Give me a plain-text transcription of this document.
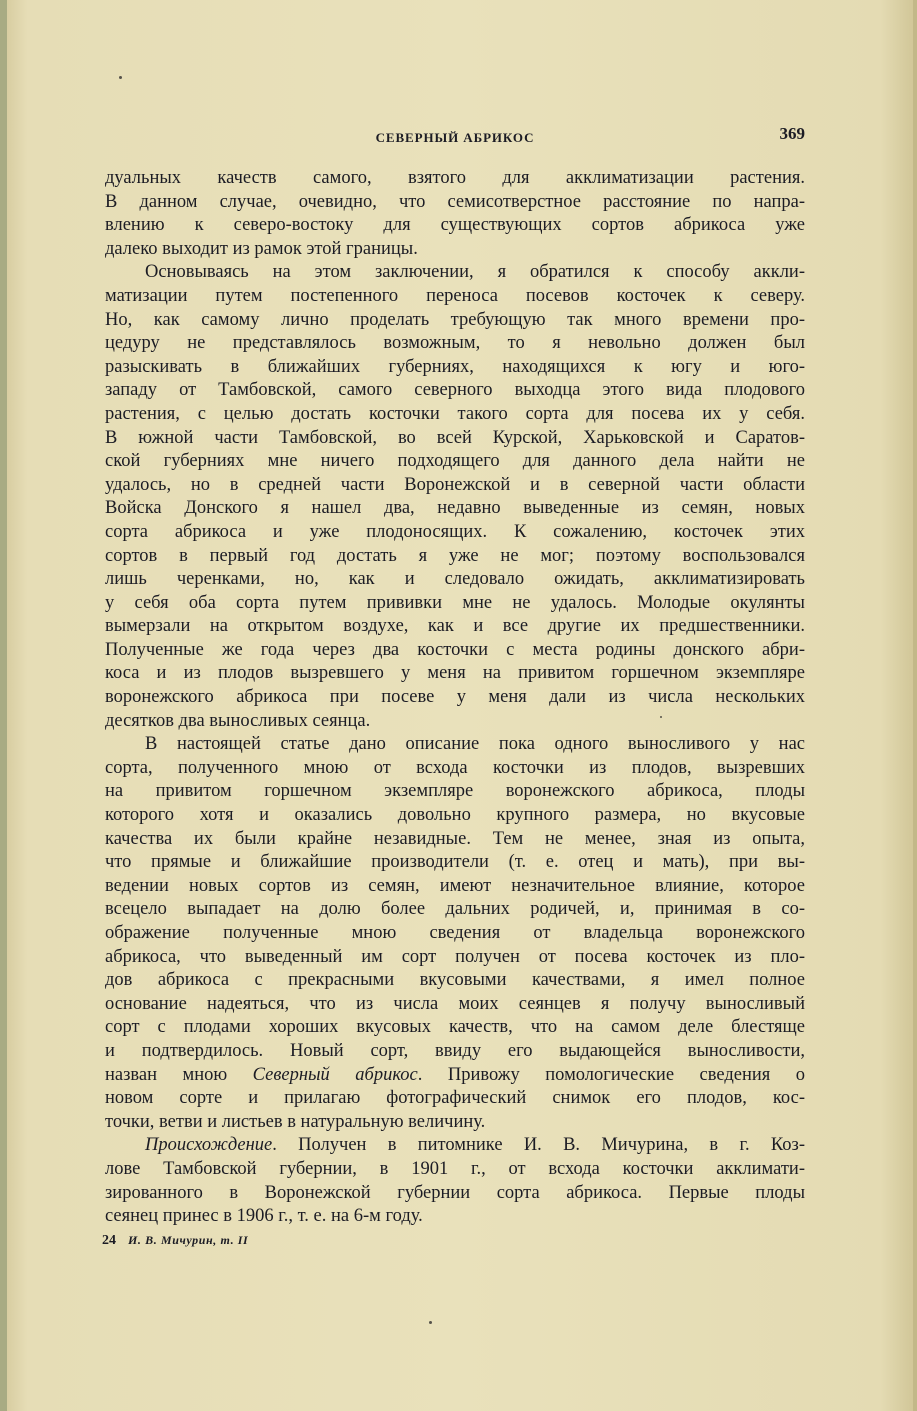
СЕВЕРНЫЙ АБРИКОС	369
дуальных качеств самого, взятого для акклиматизации растения.
В данном случае, очевидно, что семисотверстное расстояние по напра-
влению к северо-востоку для существующих сортов абрикоса уже
далеко выходит из рамок этой границы.
Основываясь на этом заключении, я обратился к способу аккли-
матизации путем постепенного переноса посевов косточек к северу.
Но, как самому лично проделать требующую так много времени про-
цедуру не представлялось возможным, то я невольно должен был
разыскивать в ближайших губерниях, находящихся к югу и юго-
западу от Тамбовской, самого северного выходца этого вида плодового
растения, с целью достать косточки такого сорта для посева их у себя.
В южной части Тамбовской, во всей Курской, Харьковской и Саратов-
ской губерниях мне ничего подходящего для данного дела найти не
удалось, но в средней части Воронежской и в северной части области
Войска Донского я нашел два, недавно выведенные из семян, новых
сорта абрикоса и уже плодоносящих. К сожалению, косточек этих
сортов в первый год достать я уже не мог; поэтому воспользовался
лишь черенками, но, как и следовало ожидать, акклиматизировать
у себя оба сорта путем прививки мне не удалось. Молодые окулянты
вымерзали на открытом воздухе, как и все другие их предшественники.
Полученные же года через два косточки с места родины донского абри-
коса и из плодов вызревшего у меня на привитом горшечном экземпляре
воронежского абрикоса при посеве у меня дали из числа нескольких
десятков два выносливых сеянца.
В настоящей статье дано описание пока одного выносливого у нас
сорта, полученного мною от всхода косточки из плодов, вызревших
на привитом горшечном экземпляре воронежского абрикоса, плоды
которого хотя и оказались довольно крупного размера, но вкусовые
качества их были крайне незавидные. Тем не менее, зная из опыта,
что прямые и ближайшие производители (т. е. отец и мать), при вы-
ведении новых сортов из семян, имеют незначительное влияние, которое
всецело выпадает на долю более дальних родичей, и, принимая в со-
ображение полученные мною сведения от владельца воронежского
абрикоса, что выведенный им сорт получен от посева косточек из пло-
дов абрикоса с прекрасными вкусовыми качествами, я имел полное
основание надеяться, что из числа моих сеянцев я получу выносливый
сорт с плодами хороших вкусовых качеств, что на самом деле блестяще
и подтвердилось. Новый сорт, ввиду его выдающейся выносливости,
назван мною Северный абрикос. Привожу помологические сведения о
новом сорте и прилагаю фотографический снимок его плодов, кос-
точки, ветви и листьев в натуральную величину.
Происхождение. Получен в питомнике И. В. Мичурина, в г. Коз-
лове Тамбовской губернии, в 1901 г., от всхода косточки акклимати-
зированного в Воронежской губернии сорта абрикоса. Первые плоды
сеянец принес в 1906 г., т. е. на 6-м году.
24 И. В. Мичурин, т. II
